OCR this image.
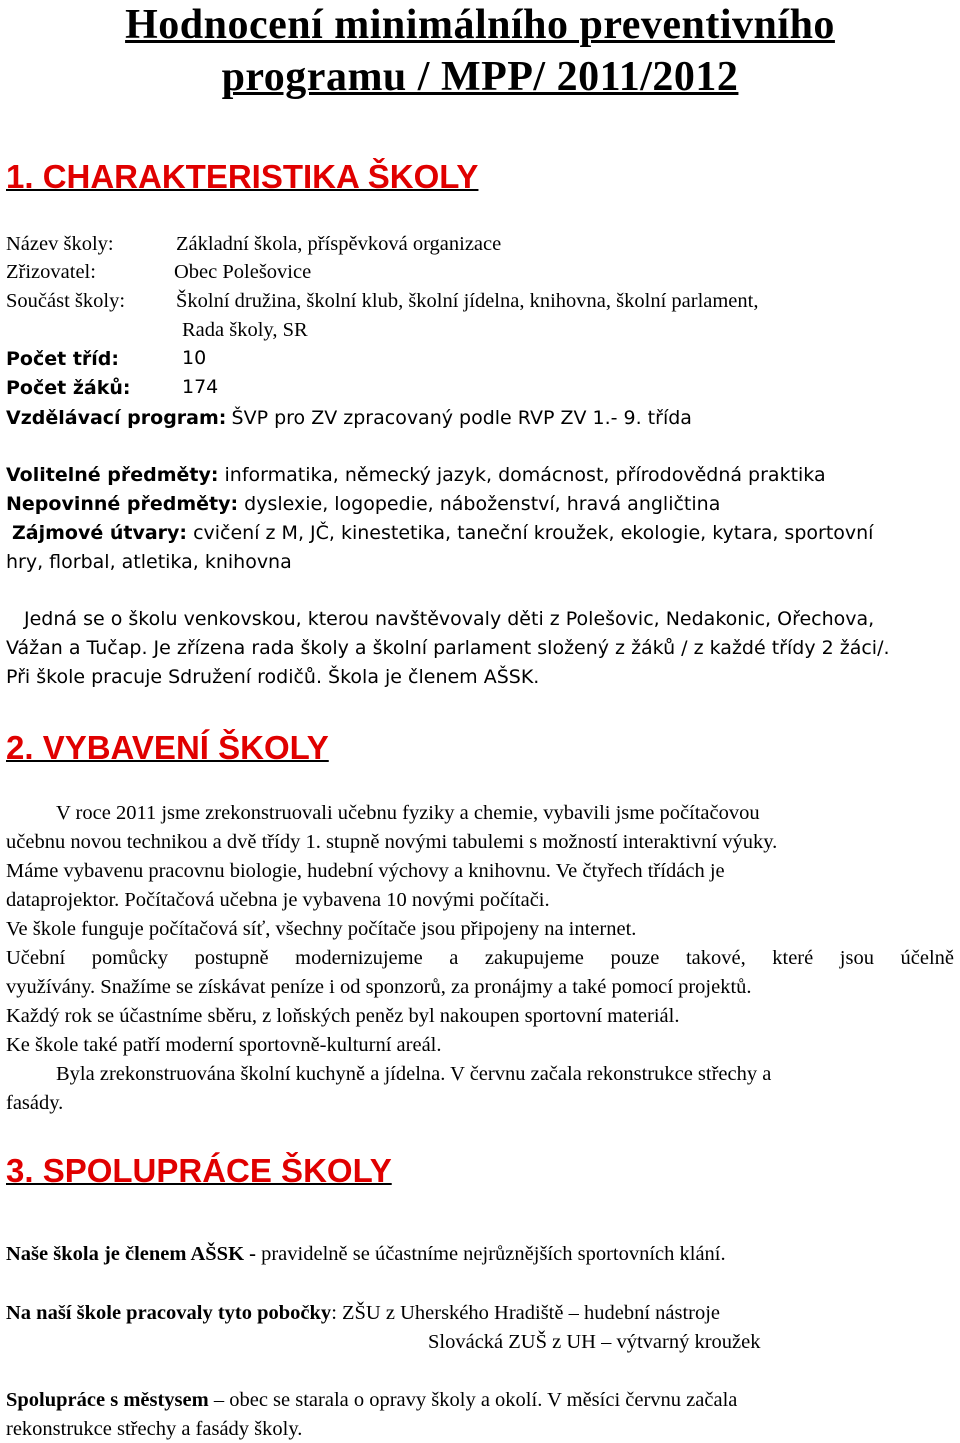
Hodnocení minimálního preventivního
programu / MPP/ 2011/2012
1. CHARAKTERISTIKA ŠKOLY
Název školy:	Základní škola, příspěvková organizace
Zřizovatel:	Obec Polešovice
Součást školy: Školní družina, školní klub, školní jídelna, knihovna, školní parlament,
Rada školy, SR
Počet tříd:	10
Počet žáků:	174
Vzdělávací program: ŠVP pro ZV zpracovaný podle RVP ZV 1.- 9. třída
Volitelné předměty: informatika, německý jazyk, domácnost, přírodovědná praktika
Nepovinné předměty: dyslexie, logopedie, náboženství, hravá angličtina
Zájmové útvary: cvičení z M, JČ, kinestetika, taneční kroužek, ekologie, kytara, sportovní
hry, florbal, atletika, knihovna
Jedná se o školu venkovskou, kterou navštěvovaly děti z Polešovic, Nedakonic, Ořechova,
Vážan a Tučap. Je zřízena rada školy a školní parlament složený z žáků / z každé třídy 2 žáci/.
Při škole pracuje Sdružení rodičů. Škola je členem AŠSK.
2. VYBAVENÍ ŠKOLY
V roce 2011 jsme zrekonstruovali učebnu fyziky a chemie, vybavili jsme počítačovou
učebnu novou technikou a dvě třídy 1. stupně novými tabulemi s možností interaktivní výuky.
Máme vybavenu pracovnu biologie, hudební výchovy a knihovnu. Ve čtyřech třídách je
dataprojektor. Počítačová učebna je vybavena 10 novými počítači.
Ve škole funguje počítačová síť, všechny počítače jsou připojeny na internet.
Učební pomůcky postupně modernizujeme a zakupujeme pouze takové, které jsou účelně
využívány. Snažíme se získávat peníze i od sponzorů, za pronájmy a také pomocí projektů.
Každý rok se účastníme sběru, z loňských peněz byl nakoupen sportovní materiál.
Ke škole také patří moderní sportovně-kulturní areál.
Byla zrekonstruována školní kuchyně a jídelna. V červnu začala rekonstrukce střechy a
fasády.
3. SPOLUPRÁCE ŠKOLY
Naše škola je členem AŠSK - pravidelně se účastníme nejrůznějších sportovních klání.
Na naší škole pracovaly tyto pobočky: ZŠU z Uherského Hradiště – hudební nástroje
Slovácká ZUŠ z UH – výtvarný kroužek
Spolupráce s městysem – obec se starala o opravy školy a okolí. V měsíci červnu začala
rekonstrukce střechy a fasády školy.
